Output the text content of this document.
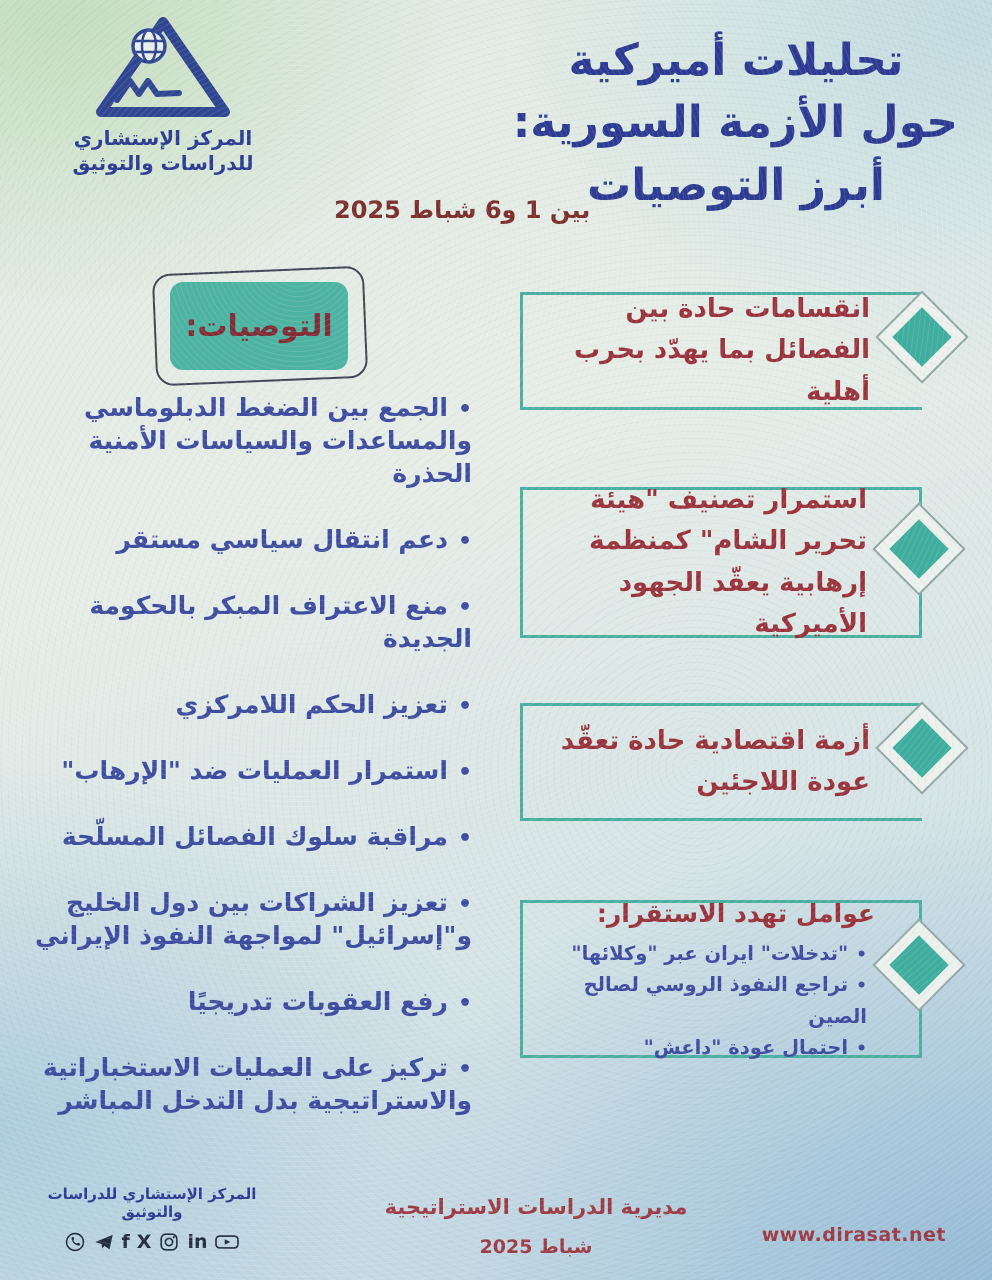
المركز الإستشاري
للدراسات والتوثيق
تحليلات أميركية
حول الأزمة السورية:
أبرز التوصيات
بين 1 و6 شباط 2025
التوصيات:
•الجمع بين الضغط الدبلوماسي والمساعدات والسياسات الأمنية الحذرة
•دعم انتقال سياسي مستقر
•منع الاعتراف المبكر بالحكومة الجديدة
•تعزيز الحكم اللامركزي
•استمرار العمليات ضد "الإرهاب"
•مراقبة سلوك الفصائل المسلّحة
•تعزيز الشراكات بين دول الخليج و"إسرائيل" لمواجهة النفوذ الإيراني
•رفع العقوبات تدريجيًا
•تركيز على العمليات الاستخباراتية والاستراتيجية بدل التدخل المباشر
انقسامات حادة بين الفصائل بما يهدّد بحرب أهلية
استمرار تصنيف "هيئة تحرير الشام" كمنظمة إرهابية يعقّد الجهود الأميركية
أزمة اقتصادية حادة تعقّد عودة اللاجئين
عوامل تهدد الاستقرار:
•"تدخلات" ايران عبر "وكلائها"
•تراجع النفوذ الروسي لصالح الصين
•احتمال عودة "داعش"
المركز الإستشاري للدراسات والتوثيق
f X in
مديرية الدراسات الاستراتيجية
شباط 2025
www.dirasat.net
